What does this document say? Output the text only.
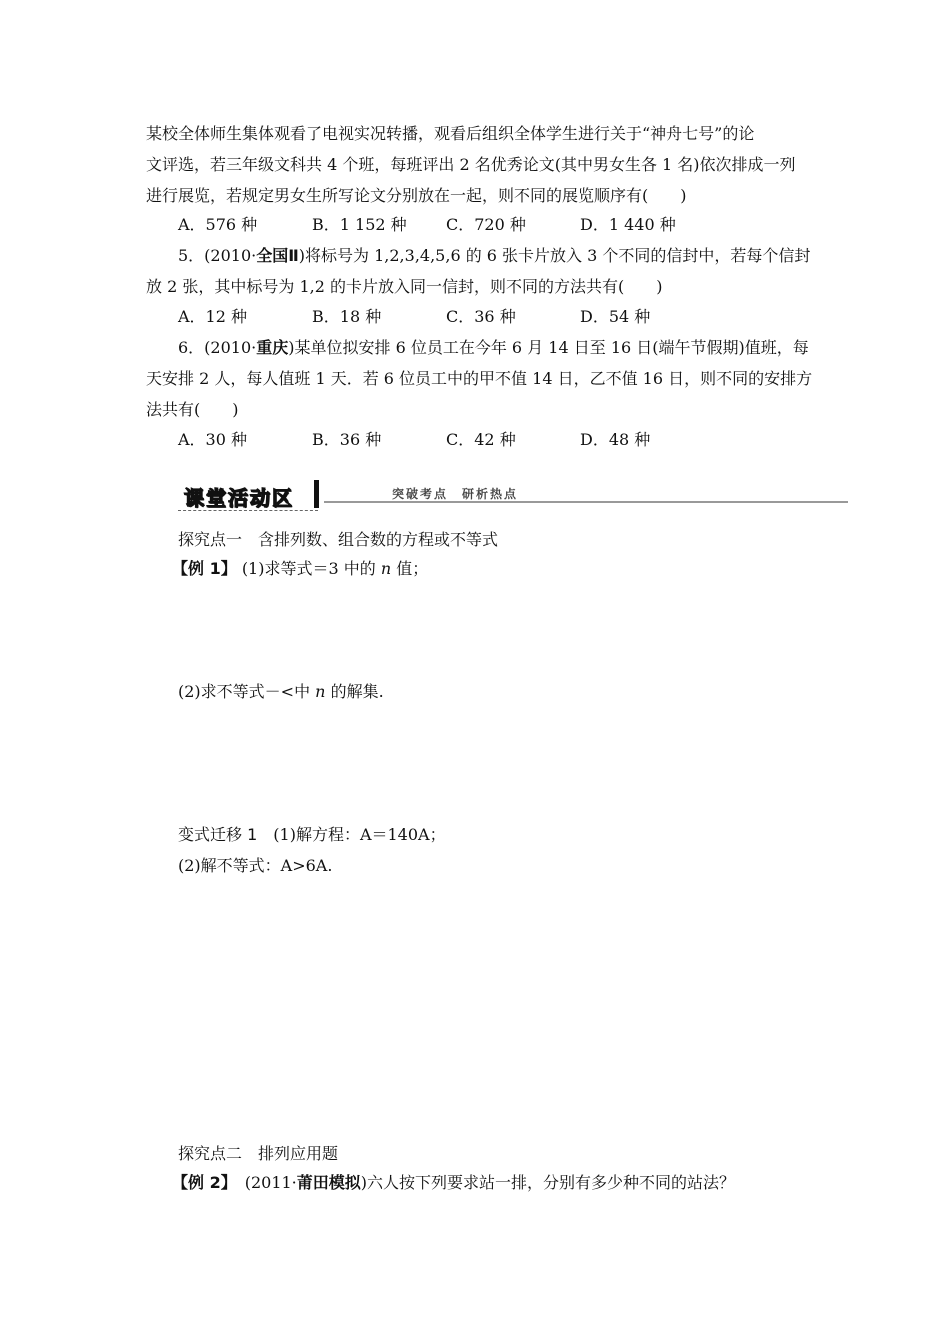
某校全体师生集体观看了电视实况转播，观看后组织全体学生进行关于“神舟七号”的论
文评选，若三年级文科共 4 个班，每班评出 2 名优秀论文(其中男女生各 1 名)依次排成一列
进行展览，若规定男女生所写论文分别放在一起，则不同的展览顺序有(　　)
A．576 种	B．1 152 种 C．720 种	D．1 440 种
5．(2010·全国Ⅱ)将标号为 1,2,3,4,5,6 的 6 张卡片放入 3 个不同的信封中，若每个信封
放 2 张，其中标号为 1,2 的卡片放入同一信封，则不同的方法共有(　　)
A．12 种	B．18 种	C．36 种	D．54 种
6．(2010·重庆)某单位拟安排 6 位员工在今年 6 月 14 日至 16 日(端午节假期)值班，每
天安排 2 人，每人值班 1 天．若 6 位员工中的甲不值 14 日，乙不值 16 日，则不同的安排方
法共有(　　)
A．30 种	B．36 种	C．42 种	D．48 种
课堂活动区	突破考点　研析热点
探究点一　含排列数、组合数的方程或不等式
【例 1】 (1)求等式＝3 中的 n 值；
(2)求不等式－<中 n 的解集.
变式迁移 1　(1)解方程：A＝140A；
(2)解不等式：A>6A.
探究点二　排列应用题
【例 2】　(2011·莆田模拟)六人按下列要求站一排，分别有多少种不同的站法？
